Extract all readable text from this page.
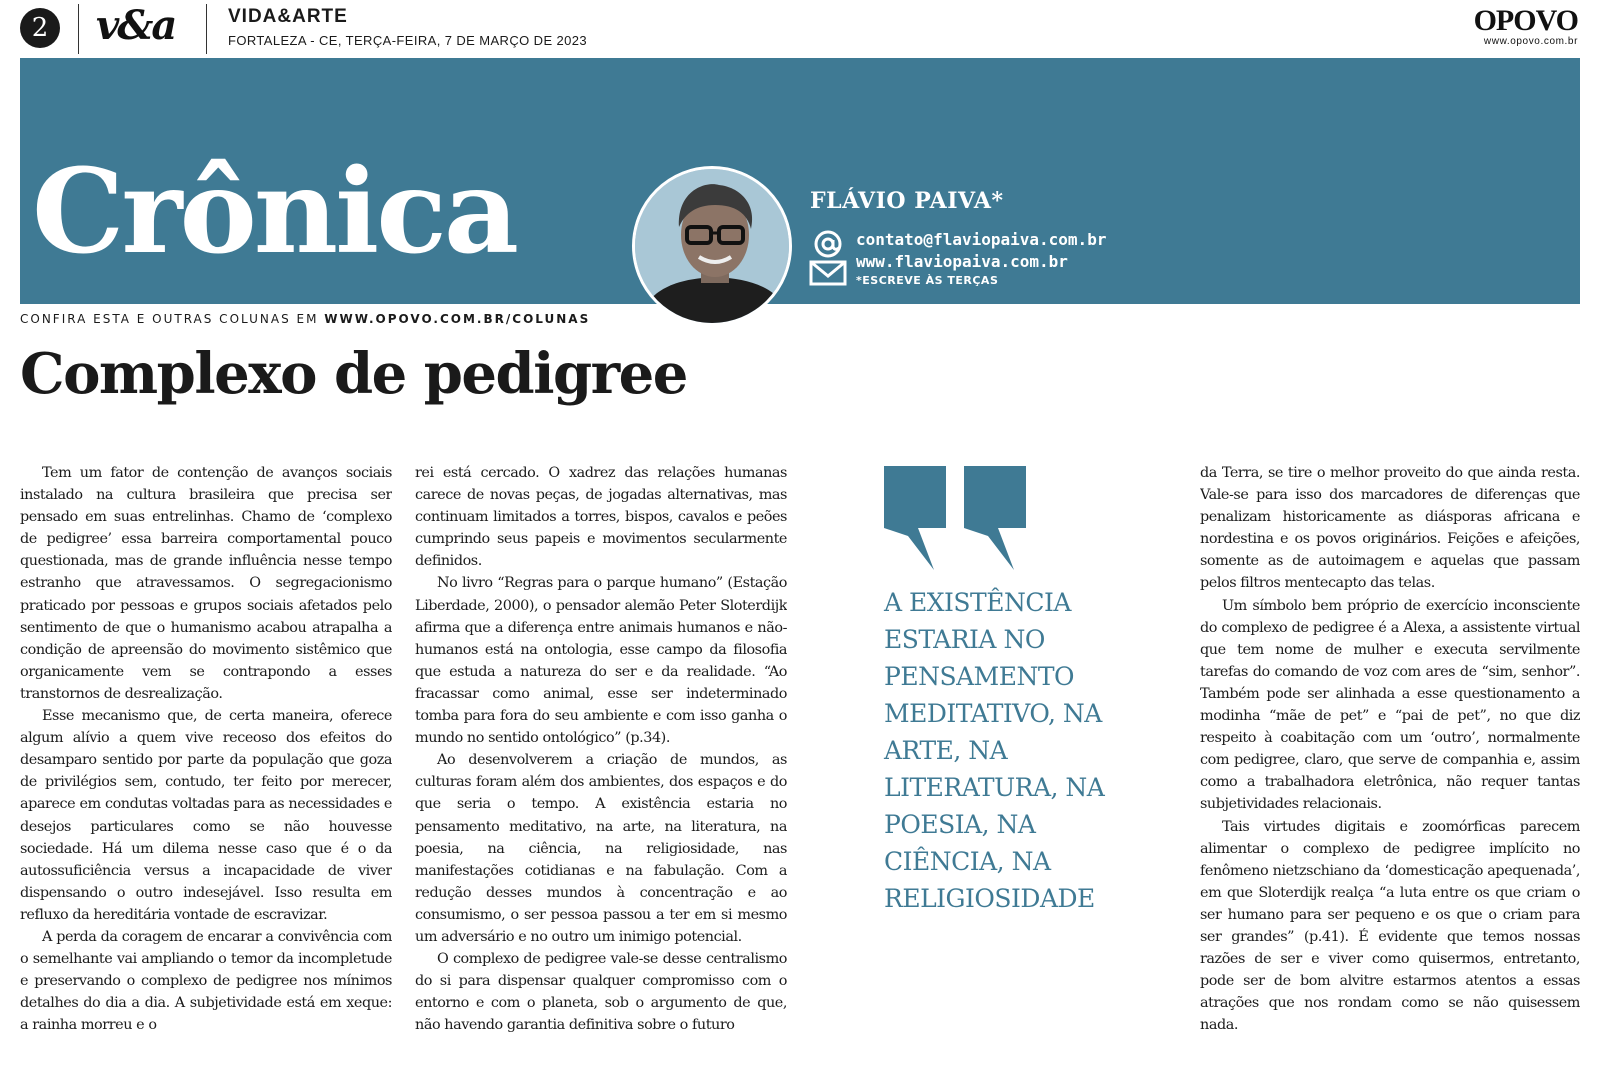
2 v&a	VIDA&ARTE
FORTALEZA - CE, TERÇA-FEIRA, 7 DE MARÇO DE 2023
OPOVO
www.opovo.com.br
Crônica	FLÁVIO PAIVA*
contato@flaviopaiva.com.br
www.flaviopaiva.com.br
*ESCREVE ÀS TERÇAS
CONFIRA ESTA E OUTRAS COLUNAS EM WWW.OPOVO.COM.BR/COLUNAS
Complexo de pedigree

Tem um fator de contenção de avanços sociais instalado na cultura brasileira que precisa ser pensado em suas entrelinhas. Chamo de ‘complexo de pedigree’ essa barreira comportamental pouco questionada, mas de grande influência nesse tempo estranho que atravessamos. O segregacionismo praticado por pessoas e grupos sociais afetados pelo sentimento de que o humanismo acabou atrapalha a condição de apreensão do movimento sistêmico que organicamente vem se contrapondo a esses transtornos de desrealização.

Esse mecanismo que, de certa maneira, oferece algum alívio a quem vive receoso dos efeitos do desamparo sentido por parte da população que goza de privilégios sem, contudo, ter feito por merecer, aparece em condutas voltadas para as necessidades e desejos particulares como se não houvesse sociedade. Há um dilema nesse caso que é o da autossuficiência versus a incapacidade de viver dispensando o outro indesejável. Isso resulta em refluxo da hereditária vontade de escravizar.

A perda da coragem de encarar a convivência com o semelhante vai ampliando o temor da incompletude e preservando o complexo de pedigree nos mínimos detalhes do dia a dia. A subjetividade está em xeque: a rainha morreu e o

rei está cercado. O xadrez das relações humanas carece de novas peças, de jogadas alternativas, mas continuam limitados a torres, bispos, cavalos e peões cumprindo seus papeis e movimentos secularmente definidos.

No livro “Regras para o parque humano” (Estação Liberdade, 2000), o pensador alemão Peter Sloterdijk afirma que a diferença entre animais humanos e não-humanos está na ontologia, esse campo da filosofia que estuda a natureza do ser e da realidade. “Ao fracassar como animal, esse ser indeterminado tomba para fora do seu ambiente e com isso ganha o mundo no sentido ontológico” (p.34).

Ao desenvolverem a criação de mundos, as culturas foram além dos ambientes, dos espaços e do que seria o tempo. A existência estaria no pensamento meditativo, na arte, na literatura, na poesia, na ciência, na religiosidade, nas manifestações cotidianas e na fabulação. Com a redução desses mundos à concentração e ao consumismo, o ser pessoa passou a ter em si mesmo um adversário e no outro um inimigo potencial.

O complexo de pedigree vale-se desse centralismo do si para dispensar qualquer compromisso com o entorno e com o planeta, sob o argumento de que, não havendo garantia definitiva sobre o futuro

A EXISTÊNCIA ESTARIA NO PENSAMENTO MEDITATIVO, NA ARTE, NA LITERATURA, NA POESIA, NA CIÊNCIA, NA RELIGIOSIDADE

da Terra, se tire o melhor proveito do que ainda resta. Vale-se para isso dos marcadores de diferenças que penalizam historicamente as diásporas africana e nordestina e os povos originários. Feições e afeições, somente as de autoimagem e aquelas que passam pelos filtros mentecapto das telas.

Um símbolo bem próprio de exercício inconsciente do complexo de pedigree é a Alexa, a assistente virtual que tem nome de mulher e executa servilmente tarefas do comando de voz com ares de “sim, senhor”. Também pode ser alinhada a esse questionamento a modinha “mãe de pet” e “pai de pet”, no que diz respeito à coabitação com um ‘outro’, normalmente com pedigree, claro, que serve de companhia e, assim como a trabalhadora eletrônica, não requer tantas subjetividades relacionais.

Tais virtudes digitais e zoomórficas parecem alimentar o complexo de pedigree implícito no fenômeno nietzschiano da ‘domesticação apequenada’, em que Sloterdijk realça “a luta entre os que criam o ser humano para ser pequeno e os que o criam para ser grandes” (p.41). É evidente que temos nossas razões de ser e viver como quisermos, entretanto, pode ser de bom alvitre estarmos atentos a essas atrações que nos rondam como se não quisessem nada.
